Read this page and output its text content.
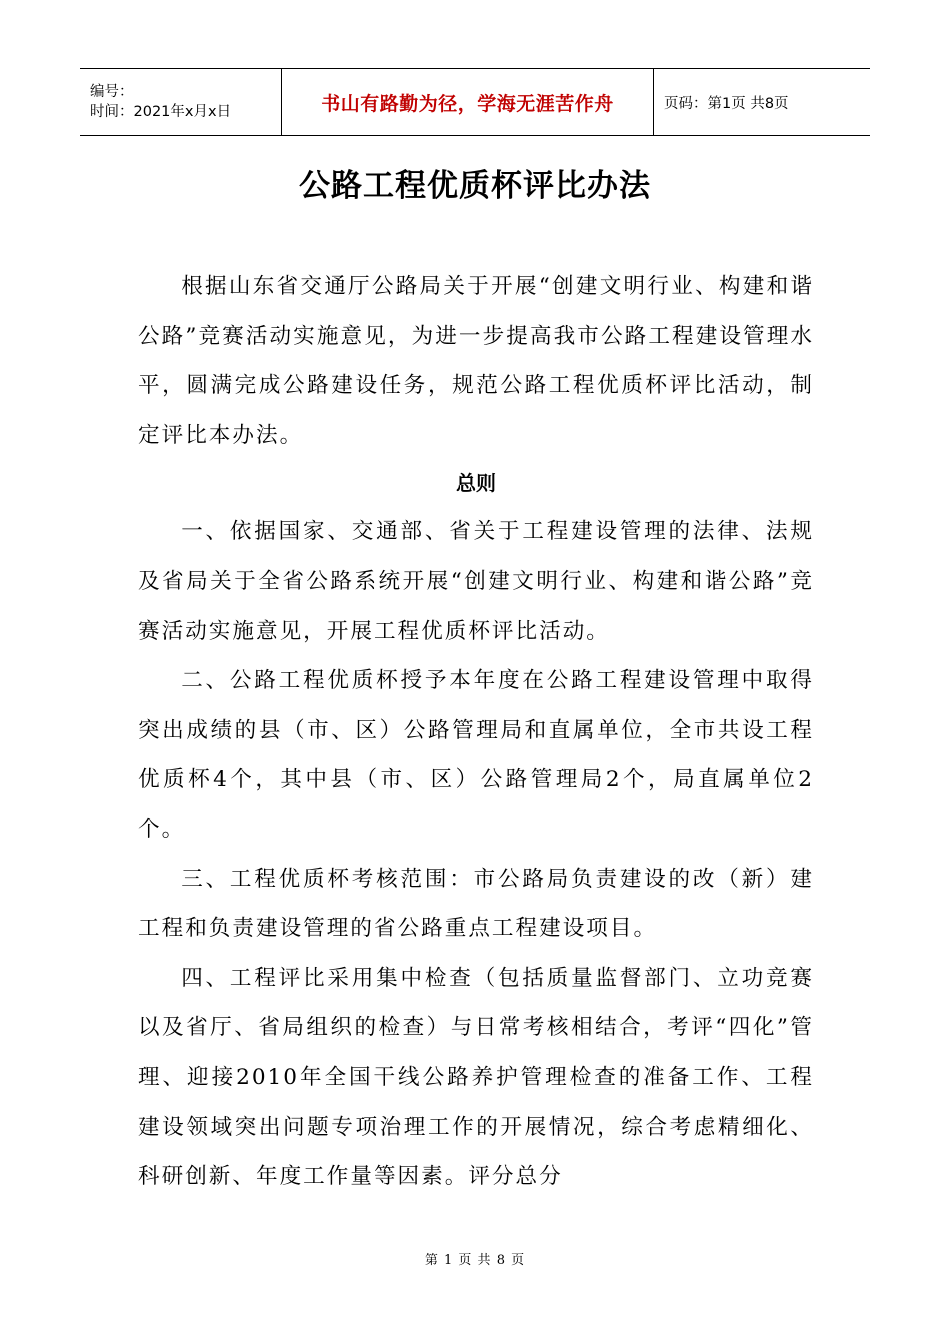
编号：
时间：2021年x月x日	书山有路勤为径，学海无涯苦作舟	页码：第1页 共8页
公路工程优质杯评比办法

根据山东省交通厅公路局关于开展“创建文明行业、构建和谐公路”竞赛活动实施意见，为进一步提高我市公路工程建设管理水平，圆满完成公路建设任务，规范公路工程优质杯评比活动，制定评比本办法。

总则

一、依据国家、交通部、省关于工程建设管理的法律、法规及省局关于全省公路系统开展“创建文明行业、构建和谐公路”竞赛活动实施意见，开展工程优质杯评比活动。

二、公路工程优质杯授予本年度在公路工程建设管理中取得突出成绩的县（市、区）公路管理局和直属单位，全市共设工程优质杯4个，其中县（市、区）公路管理局2个，局直属单位2个。

三、工程优质杯考核范围：市公路局负责建设的改（新）建工程和负责建设管理的省公路重点工程建设项目。

四、工程评比采用集中检查（包括质量监督部门、立功竞赛以及省厅、省局组织的检查）与日常考核相结合，考评“四化”管理、迎接2010年全国干线公路养护管理检查的准备工作、工程建设领域突出问题专项治理工作的开展情况，综合考虑精细化、科研创新、年度工作量等因素。评分总分

第 1 页 共 8 页
